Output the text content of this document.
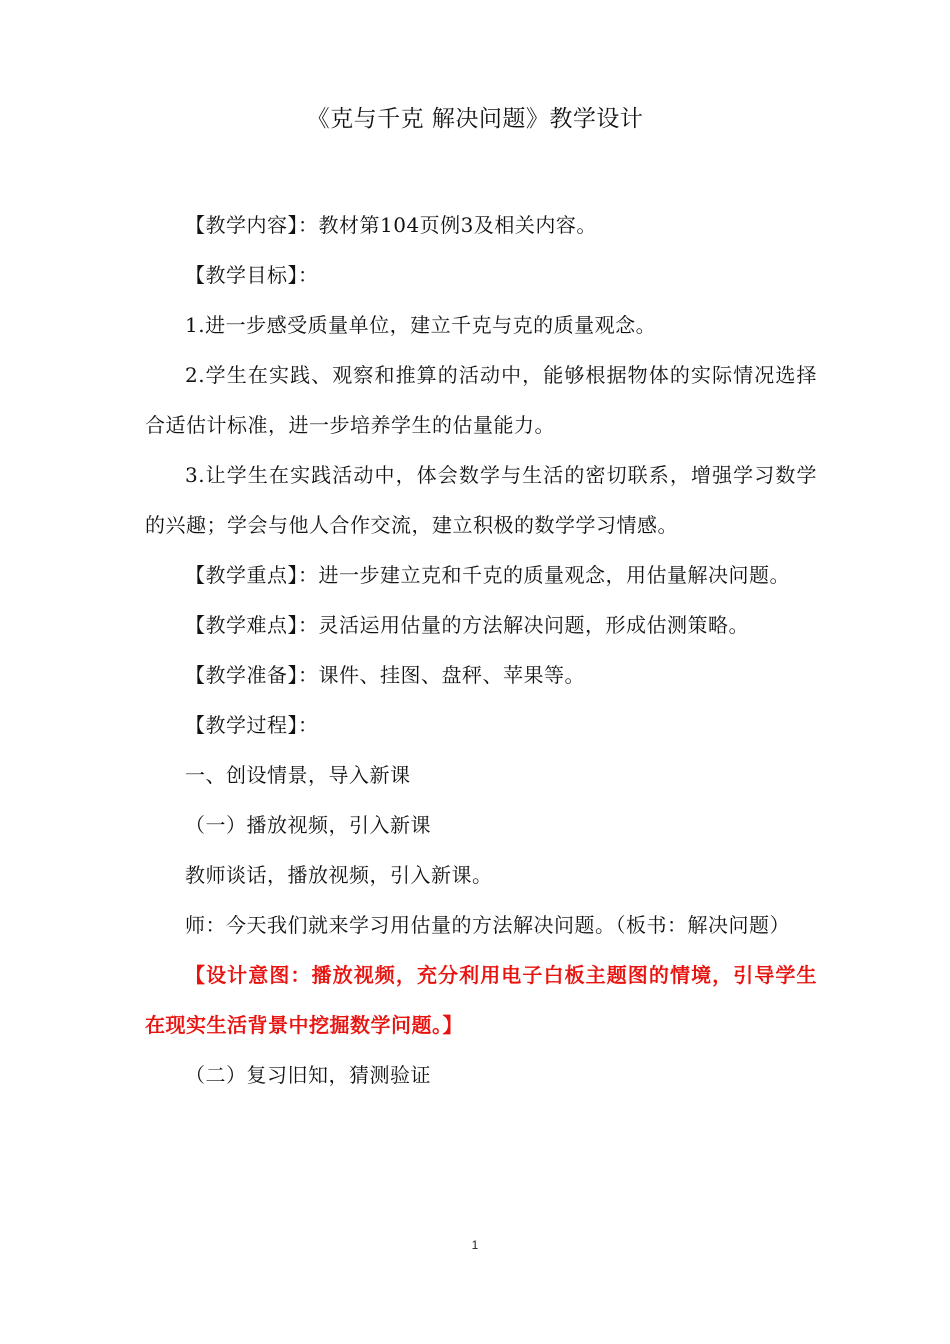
《克与千克 解决问题》教学设计

【教学内容】：教材第104页例3及相关内容。

【教学目标】：

1.进一步感受质量单位，建立千克与克的质量观念。

2.学生在实践、观察和推算的活动中，能够根据物体的实际情况选择合适估计标准，进一步培养学生的估量能力。

3.让学生在实践活动中，体会数学与生活的密切联系，增强学习数学的兴趣；学会与他人合作交流，建立积极的数学学习情感。

【教学重点】：进一步建立克和千克的质量观念，用估量解决问题。

【教学难点】：灵活运用估量的方法解决问题，形成估测策略。

【教学准备】：课件、挂图、盘秤、苹果等。

【教学过程】：

一、创设情景，导入新课

（一）播放视频，引入新课

教师谈话，播放视频，引入新课。

师：今天我们就来学习用估量的方法解决问题。（板书：解决问题）

【设计意图：播放视频，充分利用电子白板主题图的情境，引导学生在现实生活背景中挖掘数学问题。】

（二）复习旧知，猜测验证

1
